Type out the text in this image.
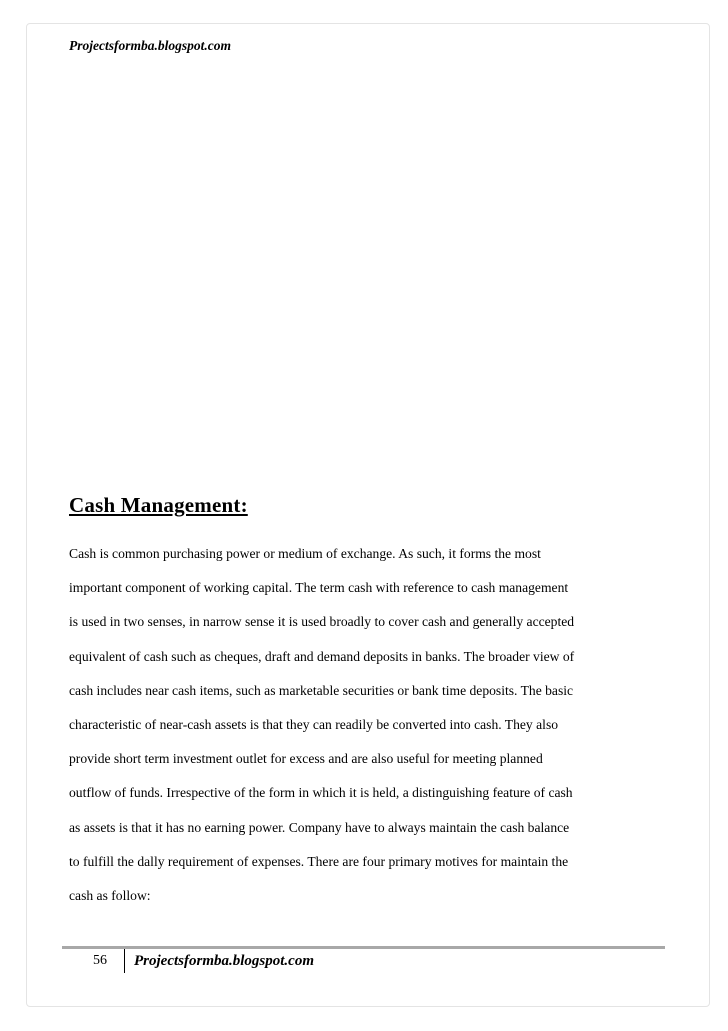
Projectsformba.blogspot.com
Cash Management:
Cash is common purchasing power or medium of exchange. As such, it forms the most
important component of working capital. The term cash with reference to cash management
is used in two senses, in narrow sense it is used broadly to cover cash and generally accepted
equivalent of cash such as cheques, draft and demand deposits in banks. The broader view of
cash includes near cash items, such as marketable securities or bank time deposits. The basic
characteristic of near-cash assets is that they can readily be converted into cash. They also
provide short term investment outlet for excess and are also useful for meeting planned
outflow of funds. Irrespective of the form in which it is held, a distinguishing feature of cash
as assets is that it has no earning power. Company have to always maintain the cash balance
to fulfill the dally requirement of expenses. There are four primary motives for maintain the
cash as follow:
56 Projectsformba.blogspot.com
